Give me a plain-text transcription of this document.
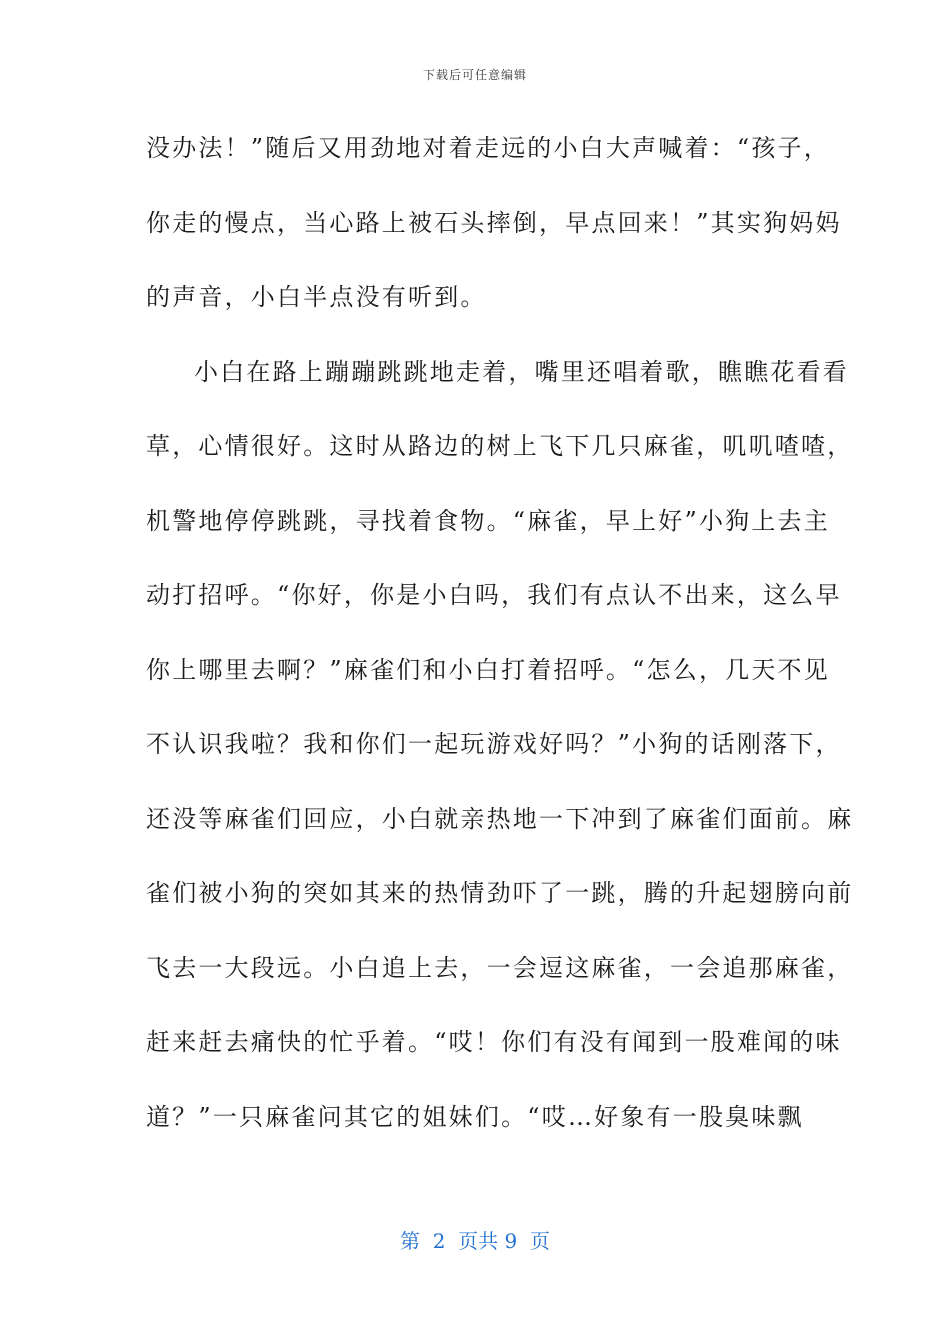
下载后可任意编辑
没办法！”随后又用劲地对着走远的小白大声喊着：“孩子，
你走的慢点，当心路上被石头摔倒，早点回来！”其实狗妈妈
的声音，小白半点没有听到。
小白在路上蹦蹦跳跳地走着，嘴里还唱着歌，瞧瞧花看看
草，心情很好。这时从路边的树上飞下几只麻雀，叽叽喳喳，
机警地停停跳跳，寻找着食物。“麻雀，早上好”小狗上去主
动打招呼。“你好，你是小白吗，我们有点认不出来，这么早
你上哪里去啊？”麻雀们和小白打着招呼。“怎么，几天不见
不认识我啦？我和你们一起玩游戏好吗？”小狗的话刚落下，
还没等麻雀们回应，小白就亲热地一下冲到了麻雀们面前。麻
雀们被小狗的突如其来的热情劲吓了一跳，腾的升起翅膀向前
飞去一大段远。小白追上去，一会逗这麻雀，一会追那麻雀，
赶来赶去痛快的忙乎着。“哎！你们有没有闻到一股难闻的味
道？”一只麻雀问其它的姐妹们。“哎…好象有一股臭味飘
第  2  页共 9  页
